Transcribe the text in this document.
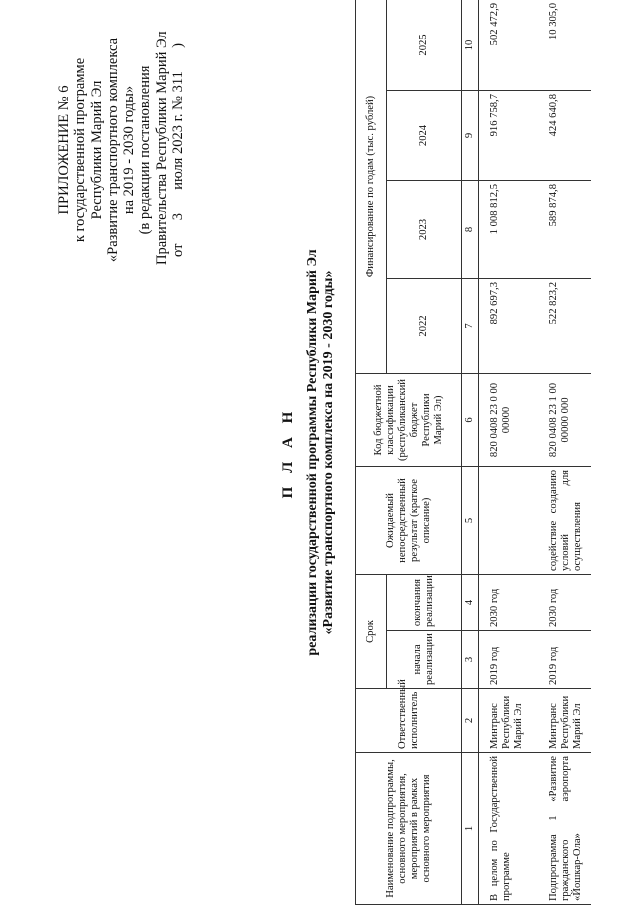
ПРИЛОЖЕНИЕ № 6 к государственной программе Республики Марий Эл «Развитие транспортного комплекса на 2019 - 2030 годы» (в редакции постановления Правительства Республики Марий Эл от  3  июля 2023 г. № 311  )
П Л А Н реализации государственной программы Республики Марий Эл «Развитие транспортного комплекса на 2019 - 2030 годы»
Наименование подпрограммы, основного мероприятия, мероприятий в рамках основного мероприятия	Ответственный исполнитель	Срок		Ожидаемый непосредственный результат (краткое описание)	Код бюджетной классификации (республиканский бюджет Республики Марий Эл)	Финансирование по годам (тыс. рублей)			
						2022	2023	2024	2025
		начала реализации	окончания реализации						
1	2	3	4	5	6	7	8	9	10
В целом по Государственной программе	Минтранс Республики Марий Эл	2019 год	2030 год		820 0408 23 0 00 00000	892 697,3	1 008 812,5	916 758,7	502 472,9
Подпрограмма 1 «Развитие гражданского аэропорта «Йошкар-Ола»	Минтранс Республики Марий Эл	2019 год	2030 год	содействие созданию условий для осуществления	820 0408 23 1 00 00000 000	522 823,2	589 874,8	424 640,8	10 305,0
